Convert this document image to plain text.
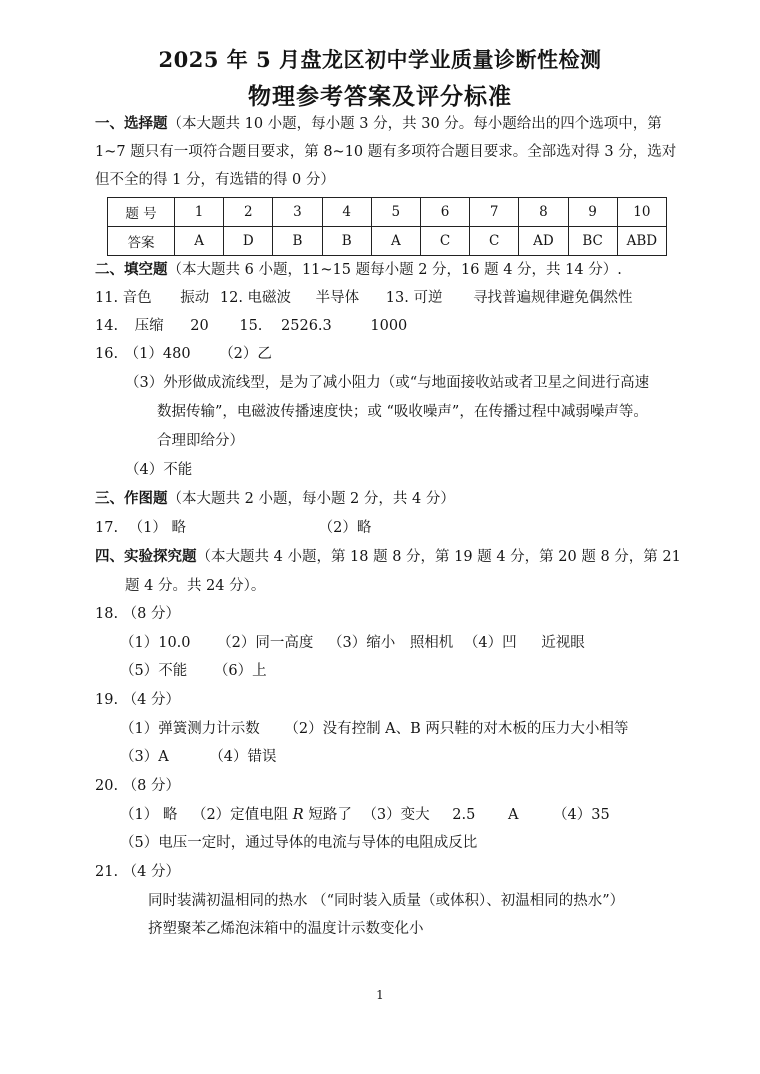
2025 年 5 月盘龙区初中学业质量诊断性检测
物理参考答案及评分标准
一、选择题（本大题共 10 小题，每小题 3 分，共 30 分。每小题给出的四个选项中，第
1~7 题只有一项符合题目要求，第 8~10 题有多项符合题目要求。全部选对得 3 分，选对
但不全的得 1 分，有选错的得 0 分）
题 号	1	2	3	4	5	6	7	8	9	10
答案	A	D	B	B	A	C	C	AD	BC	ABD
二、填空题（本大题共 6 小题，11~15 题每小题 2 分，16 题 4 分，共 14 分）.
11. 音色 振动 12. 电磁波 半导体 13. 可逆 寻找普遍规律避免偶然性
14. 压缩 20 15. 2526.3	1000
16. （1）480 （2）乙
（3）外形做成流线型，是为了减小阻力（或“与地面接收站或者卫星之间进行高速
数据传输”，电磁波传播速度快；或 “吸收噪声”，在传播过程中减弱噪声等。
合理即给分）
（4）不能
三、作图题（本大题共 2 小题，每小题 2 分，共 4 分）
17. （1） 略	（2）略
四、实验探究题（本大题共 4 小题，第 18 题 8 分，第 19 题 4 分，第 20 题 8 分，第 21
题 4 分。共 24 分）。
18. （8 分）
（1）10.0 （2）同一高度 （3）缩小 照相机 （4）凹 近视眼
（5）不能 （6）上
19. （4 分）
（1）弹簧测力计示数 （2）没有控制 A、B 两只鞋的对木板的压力大小相等
（3）A	（4）错误
20. （8 分）
（1） 略 （2）定值电阻 R 短路了 （3）变大 2.5 A （4）35
（5）电压一定时，通过导体的电流与导体的电阻成反比
21. （4 分）
同时装满初温相同的热水 （“同时装入质量（或体积）、初温相同的热水”）
挤塑聚苯乙烯泡沫箱中的温度计示数变化小
1
